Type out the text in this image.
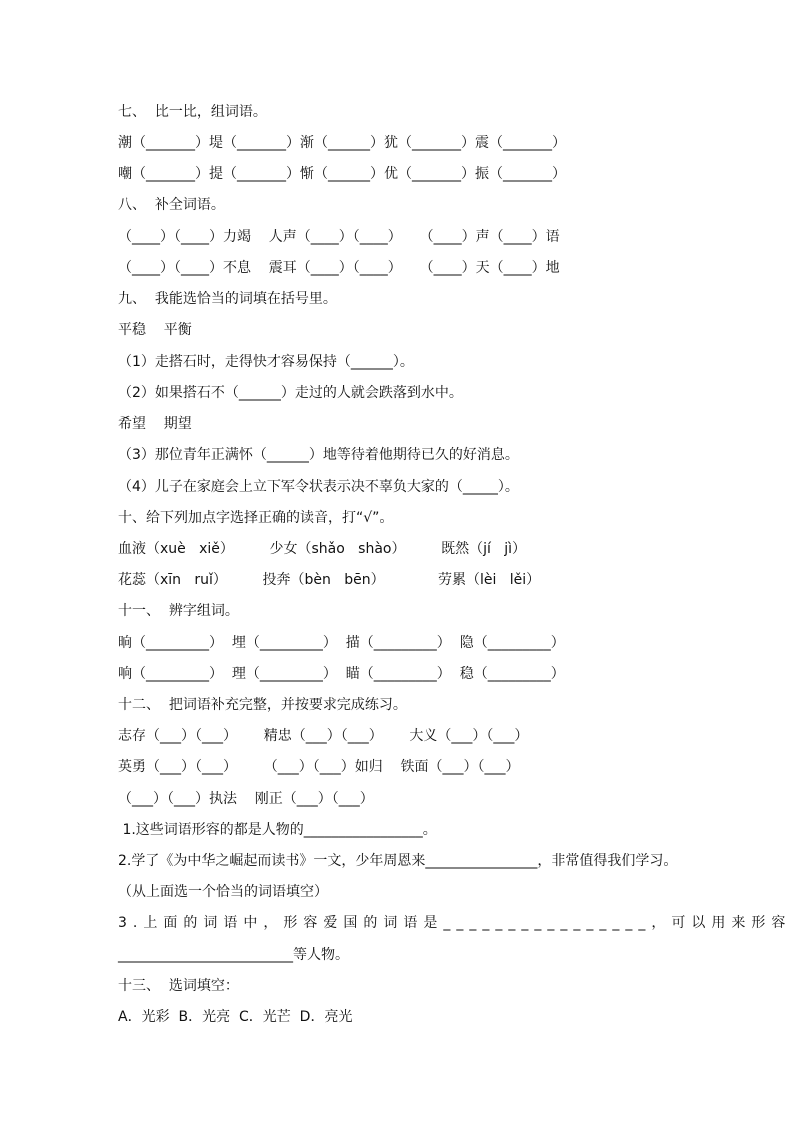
七、  比一比，组词语。
潮（_______）堤（_______）渐（______）犹（_______）震（_______）
嘲（_______）提（_______）惭（______）优（_______）振（_______）
八、  补全词语。
（____）（____）力竭    人声（____）（____）    （____）声（____）语
（____）（____）不息    震耳（____）（____）    （____）天（____）地
九、  我能选恰当的词填在括号里。
平稳    平衡
（1）走搭石时，走得快才容易保持（______）。
（2）如果搭石不（______）走过的人就会跌落到水中。
希望    期望
（3）那位青年正满怀（______）地等待着他期待已久的好消息。
（4）儿子在家庭会上立下军令状表示决不辜负大家的（_____）。
十、给下列加点字选择正确的读音，打“√”。
血液（xuè   xiě）        少女（shǎo   shào）        既然（jí   jì）
花蕊（xīn   ruǐ）        投奔（bèn   bēn）            劳累（lèi   lěi）
十一、  辨字组词。
晌（_________）  埋（_________）  描（_________）  隐（_________）
响（_________）  理（_________）  瞄（_________）  稳（_________）
十二、  把词语补充完整，并按要求完成练习。
志存（___）（___）      精忠（___）（___）      大义（___）（___）
英勇（___）（___）      （___）（___）如归    铁面（___）（___）
（___）（___）执法    刚正（___）（___）
1.这些词语形容的都是人物的_________________。
2.学了《为中华之崛起而读书》一文，少年周恩来________________，非常值得我们学习。
（从上面选一个恰当的词语填空）
3.上面的词语中，形容爱国的词语是________________，可以用来形容
_________________________等人物。
十三、  选词填空：
A．光彩  B．光亮  C．光芒  D．亮光
